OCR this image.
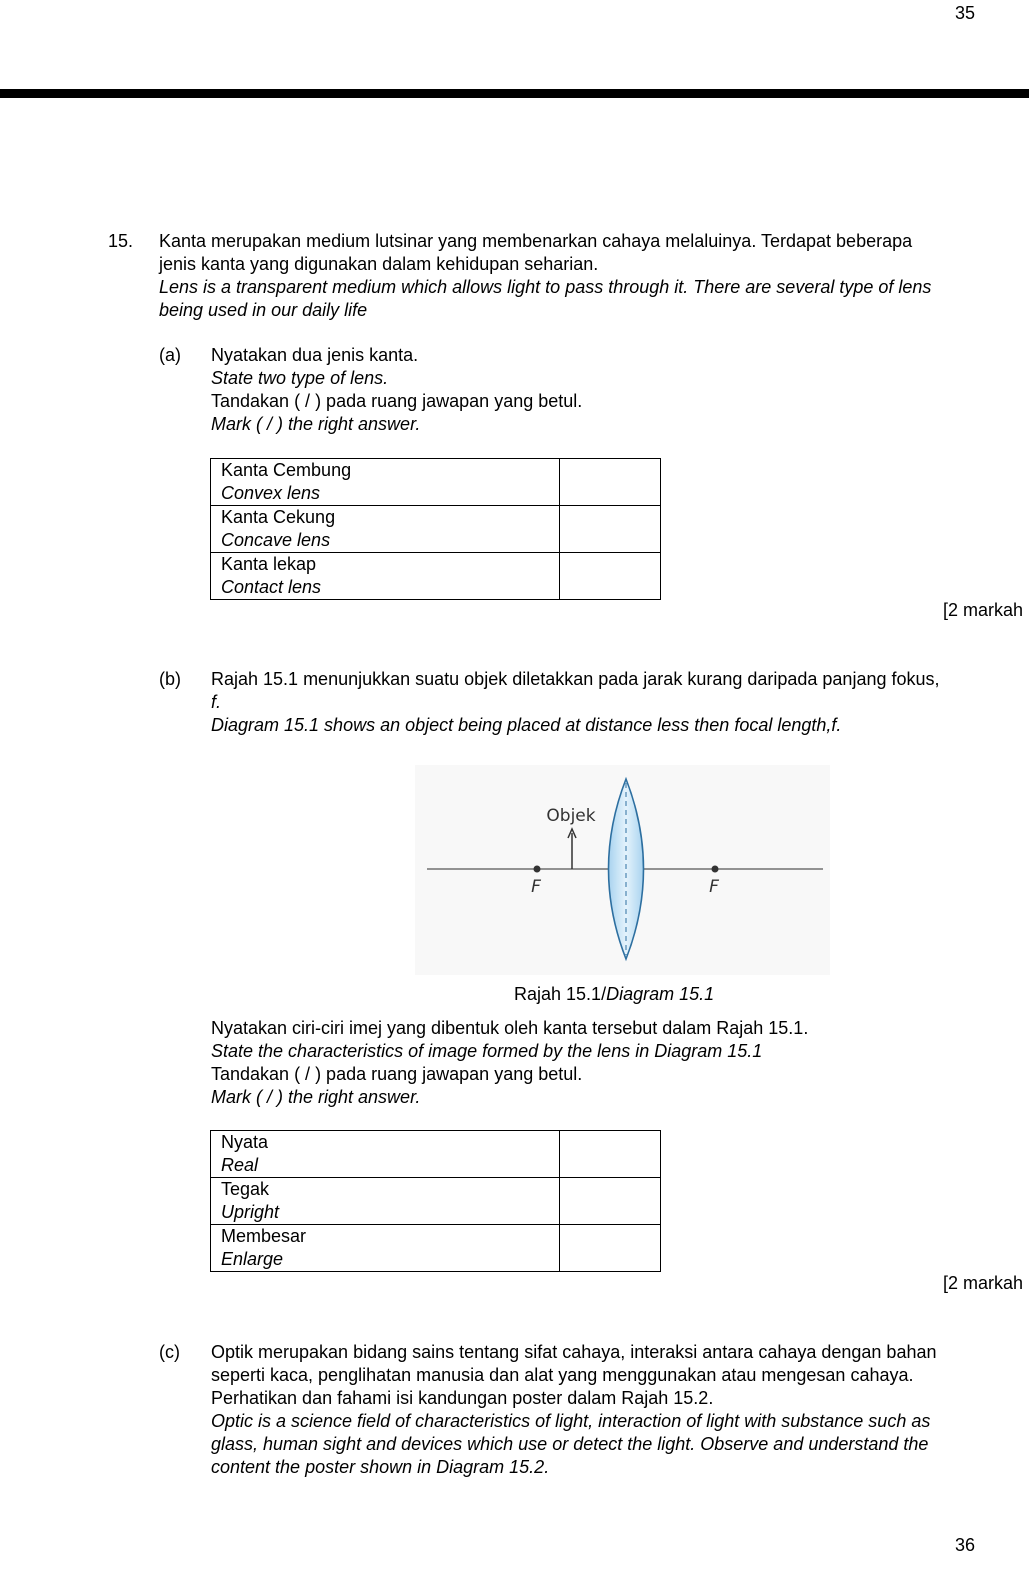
35
15. Kanta merupakan medium lutsinar yang membenarkan cahaya melaluinya. Terdapat beberapa
jenis kanta yang digunakan dalam kehidupan seharian.
Lens is a transparent medium which allows light to pass through it. There are several type of lens
being used in our daily life
(a) Nyatakan dua jenis kanta.
State two type of lens.
Tandakan ( / ) pada ruang jawapan yang betul.
Mark ( / ) the right answer.
Kanta Cembung
Convex lens	

Kanta Cekung
Concave lens	

Kanta lekap
Contact lens	

[2 markah
(b) Rajah 15.1 menunjukkan suatu objek diletakkan pada jarak kurang daripada panjang fokus,
f.
Diagram 15.1 shows an object being placed at distance less then focal length,f.
Objek
F	F
Rajah 15.1/Diagram 15.1
Nyatakan ciri-ciri imej yang dibentuk oleh kanta tersebut dalam Rajah 15.1.
State the characteristics of image formed by the lens in Diagram 15.1
Tandakan ( / ) pada ruang jawapan yang betul.
Mark ( / ) the right answer.
Nyata
Real	

Tegak
Upright	

Membesar
Enlarge	

[2 markah
(c) Optik merupakan bidang sains tentang sifat cahaya, interaksi antara cahaya dengan bahan
seperti kaca, penglihatan manusia dan alat yang menggunakan atau mengesan cahaya.
Perhatikan dan fahami isi kandungan poster dalam Rajah 15.2.
Optic is a science field of characteristics of light, interaction of light with substance such as
glass, human sight and devices which use or detect the light. Observe and understand the
content the poster shown in Diagram 15.2.
36
